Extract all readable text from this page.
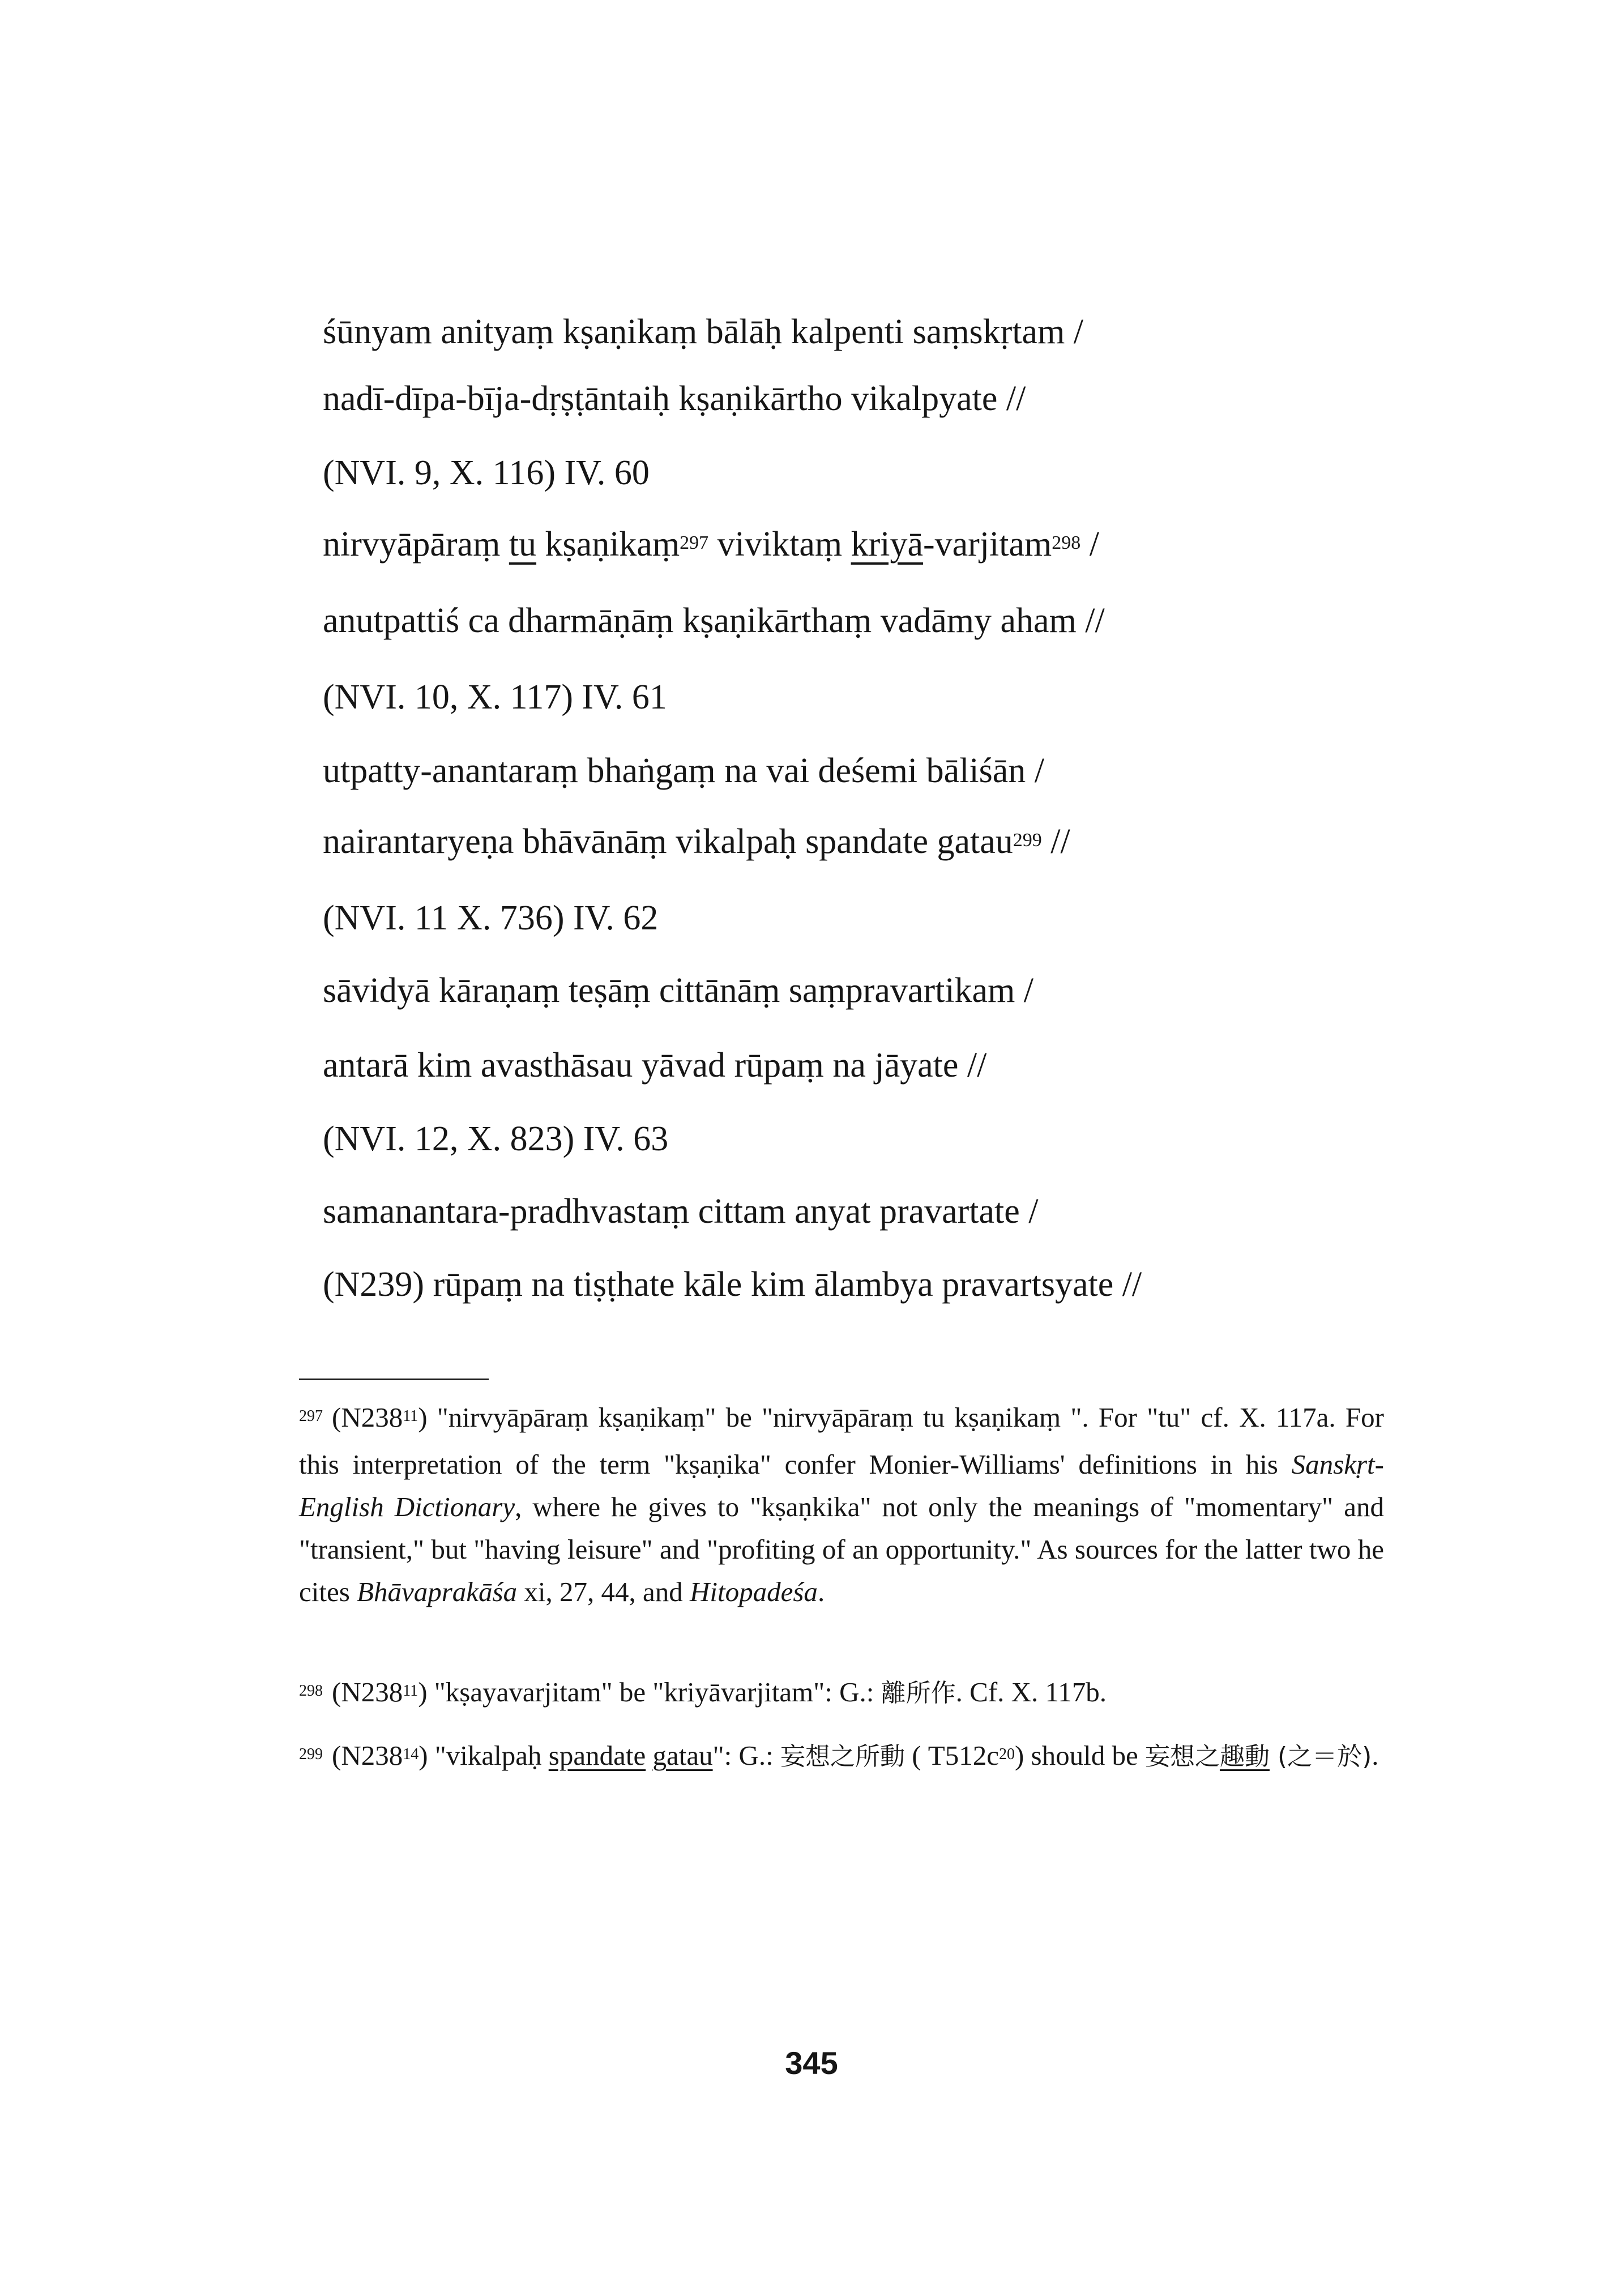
śūnyam anityaṃ kṣaṇikaṃ bālāḥ kalpenti saṃskṛtam /

nadī-dīpa-bīja-dṛṣṭāntaiḥ kṣaṇikārtho vikalpyate //

(NVI. 9, X. 116) IV. 60

nirvyāpāraṃ tu kṣaṇikaṃ$^{297}$ viviktaṃ kriyā-varjitam$^{298}$ /

anutpattiś ca dharmāṇāṃ kṣaṇikārthaṃ vadāmy aham //

(NVI. 10, X. 117) IV. 61

utpatty-anantaraṃ bhaṅgaṃ na vai deśemi bāliśān /

nairantaryeṇa bhāvānāṃ vikalpaḥ spandate gatau$^{299}$ //

(NVI. 11 X. 736) IV. 62

sāvidyā kāraṇaṃ teṣāṃ cittānāṃ saṃpravartikam /

antarā kim avasthāsau yāvad rūpaṃ na jāyate //

(NVI. 12, X. 823) IV. 63

samanantara-pradhvastaṃ cittam anyat pravartate /

(N239) rūpaṃ na tiṣṭhate kāle kim ālambya pravartsyate //

$^{297}$ $(N238^{11})$ "nirvyāpāraṃ kṣaṇikaṃ" be "nirvyāpāraṃ tu kṣaṇikaṃ ". For "tu" cf. X. 117a. For this interpretation of the term "kṣaṇika" confer Monier-Williams' definitions in his Sanskṛt-English Dictionary, where he gives to "kṣaṇkika" not only the meanings of "momentary" and "transient," but "having leisure" and "profiting of an opportunity." As sources for the latter two he cites Bhāvaprakāśa xi, 27, 44, and Hitopadeśa.

$^{298}$ $(N238^{11})$ "kṣayavarjitam" be "kriyāvarjitam": G.: 離所作. Cf. X. 117b.

$^{299}$ $(N238^{14})$ "vikalpaḥ spandate gatau": G.: 妄想之所動 ( $T512c^{20}$) should be 妄想之趣動 (之＝於).

345
